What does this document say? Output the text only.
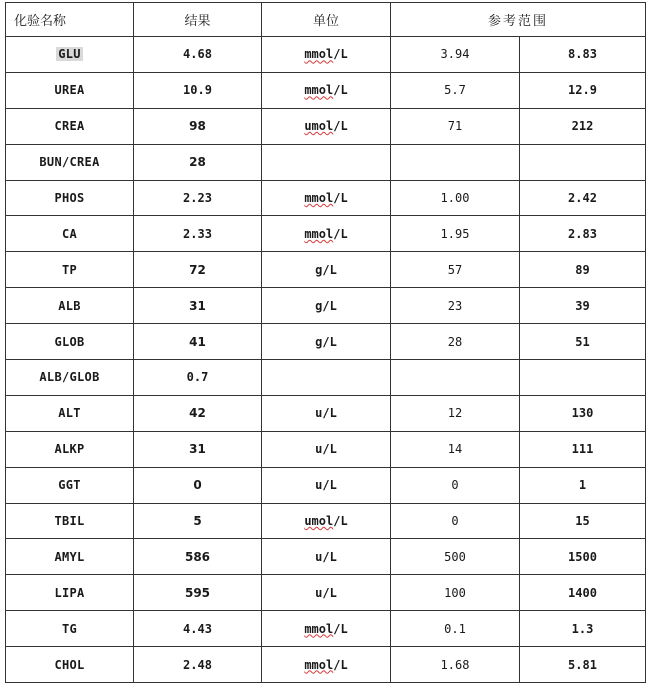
化验名称	结果	单位	参考范围	
GLU	4.68	mmol/L	3.94	8.83
UREA	10.9	mmol/L	5.7	12.9
CREA	98	umol/L	71	212
BUN/CREA	28			
PHOS	2.23	mmol/L	1.00	2.42
CA	2.33	mmol/L	1.95	2.83
TP	72	g/L	57	89
ALB	31	g/L	23	39
GLOB	41	g/L	28	51
ALB/GLOB	0.7			
ALT	42	u/L	12	130
ALKP	31	u/L	14	111
GGT	0	u/L	0	1
TBIL	5	umol/L	0	15
AMYL	586	u/L	500	1500
LIPA	595	u/L	100	1400
TG	4.43	mmol/L	0.1	1.3
CHOL	2.48	mmol/L	1.68	5.81
